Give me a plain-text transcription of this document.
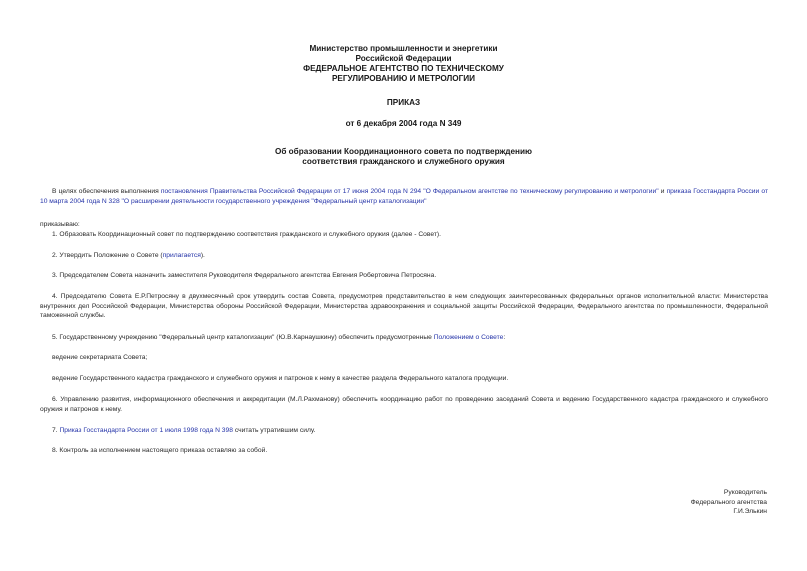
Министерство промышленности и энергетики
Российской Федерации
ФЕДЕРАЛЬНОЕ АГЕНТСТВО ПО ТЕХНИЧЕСКОМУ
РЕГУЛИРОВАНИЮ И МЕТРОЛОГИИ
ПРИКАЗ
от 6 декабря 2004 года N 349
Об образовании Координационного совета по подтверждению
соответствия гражданского и служебного оружия
В целях обеспечения выполнения постановления Правительства Российской Федерации от 17 июня 2004 года N 294 "О Федеральном агентстве по техническому регулированию и метрологии" и приказа Госстандарта России от 10 марта 2004 года N 328 "О расширении деятельности государственного учреждения "Федеральный центр каталогизации"
приказываю:
1. Образовать Координационный совет по подтверждению соответствия гражданского и служебного оружия (далее - Совет).
2. Утвердить Положение о Совете (прилагается).
3. Председателем Совета назначить заместителя Руководителя Федерального агентства Евгения Робертовича Петросяна.
4. Председателю Совета Е.Р.Петросяну в двухмесячный срок утвердить состав Совета, предусмотрев представительство в нем следующих заинтересованных федеральных органов исполнительной власти: Министерства внутренних дел Российской Федерации, Министерства обороны Российской Федерации, Министерства здравоохранения и социальной защиты Российской Федерации, Федерального агентства по промышленности, Федеральной таможенной службы.
5. Государственному учреждению "Федеральный центр каталогизации" (Ю.В.Карнаушкину) обеспечить предусмотренные Положением о Совете:
ведение секретариата Совета;
ведение Государственного кадастра гражданского и служебного оружия и патронов к нему в качестве раздела Федерального каталога продукции.
6. Управлению развития, информационного обеспечения и аккредитации (М.Л.Рахманову) обеспечить координацию работ по проведению заседаний Совета и ведению Государственного кадастра гражданского и служебного оружия и патронов к нему.
7. Приказ Госстандарта России от 1 июля 1998 года N 398 считать утратившим силу.
8. Контроль за исполнением настоящего приказа оставляю за собой.
Руководитель
Федерального агентства
Г.И.Элькин
